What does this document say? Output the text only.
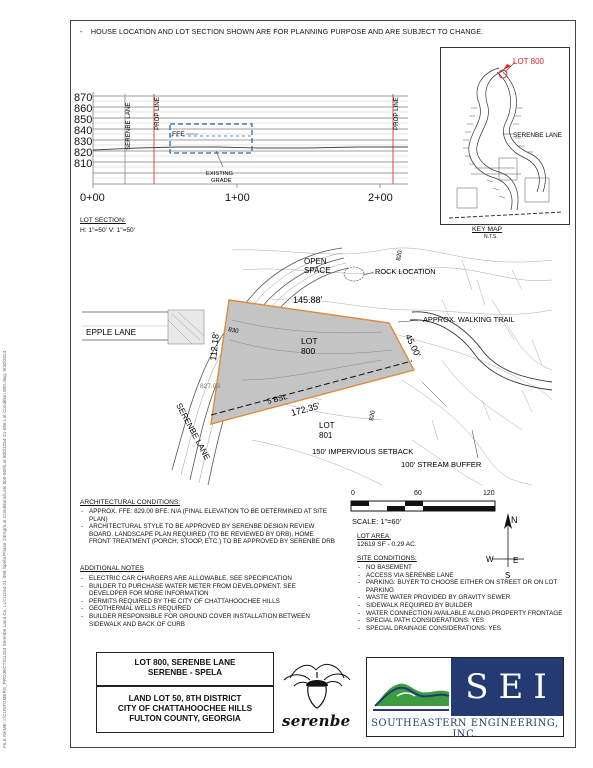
-    HOUSE LOCATION AND LOT SECTION SHOWN ARE FOR PLANNING PURPOSE AND ARE SUBJECT TO CHANGE.
FILE NAME: I:\CUSTOMERS_PROJECTS\1254 Serenbe Land Co, LLC\1254-21-056 Spela Phase 1\Engr\Lot Conditions\Lots 800-809\Lot 800\1254-21-056 Lot Condition 800.dwg, 9/30/2024
870
860
850
840
830
820
810
0+00	1+00	2+00
SERENBE LANE	PROP LINE	PROP LINE
FFE
EXISTING
GRADE
LOT SECTION:
H: 1"=50' V: 1"=50'
LOT 800
SERENBE LANE
KEY MAP
N.T.S.
LOT
800
145.88'
112.18'	45.00'
172.35'
5 BSL
830
820
820
827.03
OPEN
SPACE	ROCK LOCATION
APPROX. WALKING TRAIL
EPPLE LANE
SERENBE LANE	LOT
801
150' IMPERVIOUS SETBACK
100' STREAM BUFFER
0	60	120
SCALE: 1"=60'	N
W E
S
ARCHITECTURAL CONDITIONS:
- APPROX. FFE: 829.00 BFE: N/A (FINAL ELEVATION TO BE DETERMINED AT SITE PLAN)
- ARCHITECTURAL STYLE TO BE APPROVED BY SERENBE DESIGN REVIEW BOARD. LANDSCAPE PLAN REQUIRED (TO BE REVIEWED BY DRB). HOME FRONT TREATMENT (PORCH, STOOP, ETC.) TO BE APPROVED BY SERENBE DRB
ADDITIONAL NOTES
- ELECTRIC CAR CHARGERS ARE ALLOWABLE. SEE SPECIFICATION
- BUILDER TO PURCHASE WATER METER FROM DEVELOPMENT. SEE DEVELOPER FOR MORE INFORMATION
- PERMITS REQUIRED BY THE CITY OF CHATTAHOOCHEE HILLS
- GEOTHERMAL WELLS REQUIRED
- BUILDER RESPONSIBLE FOR GROUND COVER INSTALLATION BETWEEN SIDEWALK AND BACK OF CURB
LOT AREA:
12619 SF - 0.29 AC.
SITE CONDITIONS:
- NO BASEMENT
- ACCESS VIA SERENBE LANE
- PARKING: BUYER TO CHOOSE EITHER ON STREET OR ON LOT PARKING
- WASTE WATER PROVIDED BY GRAVITY SEWER
- SIDEWALK REQUIRED BY BUILDER
- WATER CONNECTION AVAILABLE ALONG PROPERTY FRONTAGE
- SPECIAL PATH CONSIDERATIONS: YES
- SPECIAL DRAINAGE CONSIDERATIONS: YES
LOT 800, SERENBE LANE
SERENBE - SPELA
LAND LOT 50, 8TH DISTRICT
CITY OF CHATTAHOOCHEE HILLS
FULTON COUNTY, GEORGIA	serenbe
SEI
SOUTHEASTERN ENGINEERING, INC.
